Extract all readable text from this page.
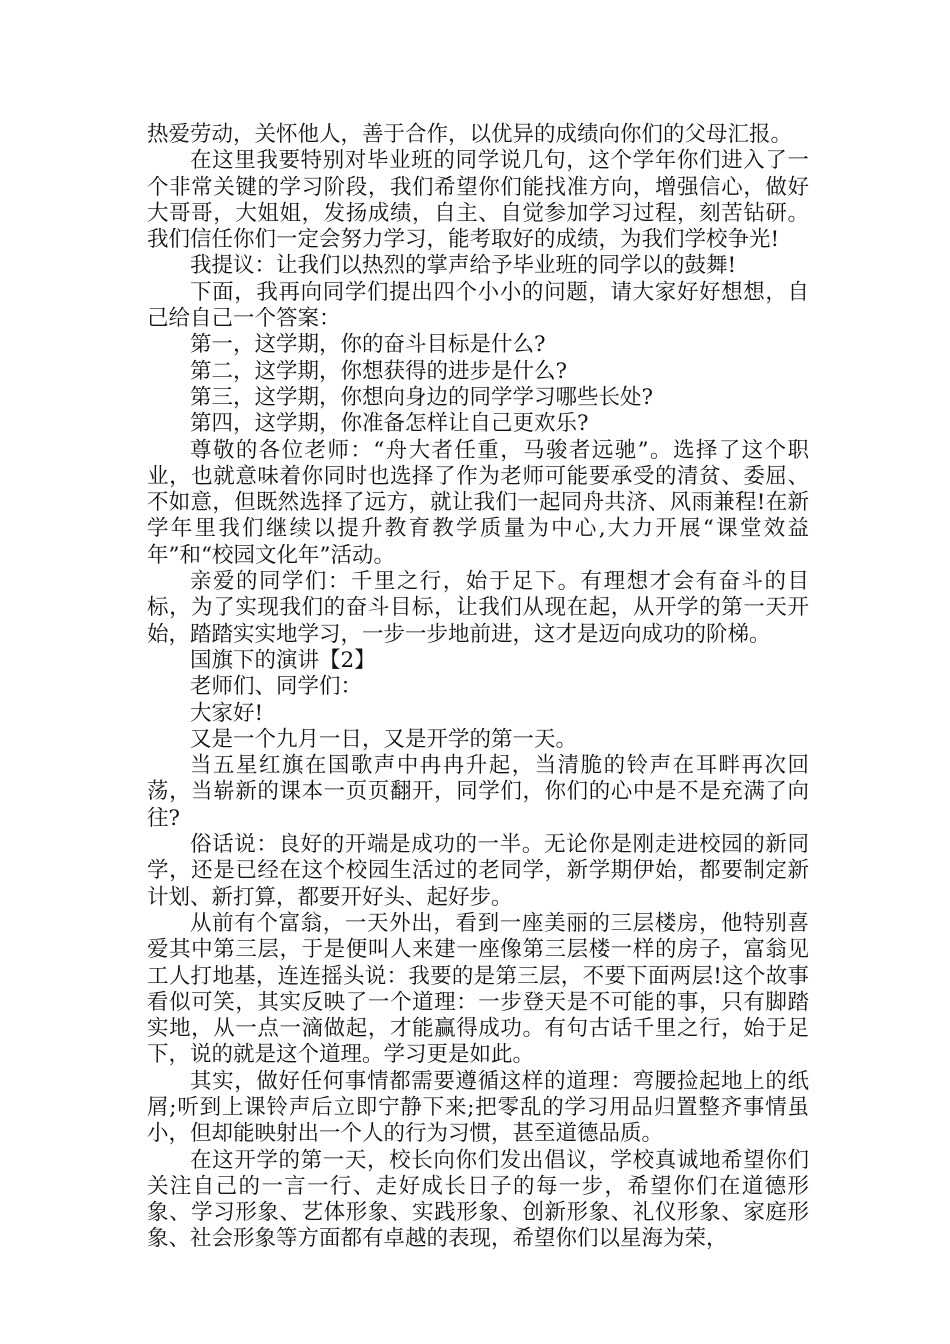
热爱劳动，关怀他人，善于合作，以优异的成绩向你们的父母汇报。

在这里我要特别对毕业班的同学说几句，这个学年你们进入了一个非常关键的学习阶段，我们希望你们能找准方向，增强信心，做好大哥哥，大姐姐，发扬成绩，自主、自觉参加学习过程，刻苦钻研。我们信任你们一定会努力学习，能考取好的成绩，为我们学校争光!

我提议：让我们以热烈的掌声给予毕业班的同学以的鼓舞!

下面，我再向同学们提出四个小小的问题，请大家好好想想，自己给自己一个答案：

第一，这学期，你的奋斗目标是什么?

第二，这学期，你想获得的进步是什么?

第三，这学期，你想向身边的同学学习哪些长处?

第四，这学期，你准备怎样让自己更欢乐?

尊敬的各位老师：“舟大者任重，马骏者远驰”。选择了这个职业，也就意味着你同时也选择了作为老师可能要承受的清贫、委屈、不如意，但既然选择了远方，就让我们一起同舟共济、风雨兼程!在新学年里我们继续以提升教育教学质量为中心,大力开展“课堂效益年”和“校园文化年”活动。

亲爱的同学们：千里之行，始于足下。有理想才会有奋斗的目标，为了实现我们的奋斗目标，让我们从现在起，从开学的第一天开始，踏踏实实地学习，一步一步地前进，这才是迈向成功的阶梯。

国旗下的演讲【2】

老师们、同学们：

大家好!

又是一个九月一日，又是开学的第一天。

当五星红旗在国歌声中冉冉升起，当清脆的铃声在耳畔再次回荡，当崭新的课本一页页翻开，同学们，你们的心中是不是充满了向往?

俗话说：良好的开端是成功的一半。无论你是刚走进校园的新同学，还是已经在这个校园生活过的老同学，新学期伊始，都要制定新计划、新打算，都要开好头、起好步。

从前有个富翁，一天外出，看到一座美丽的三层楼房，他特别喜爱其中第三层，于是便叫人来建一座像第三层楼一样的房子，富翁见工人打地基，连连摇头说：我要的是第三层，不要下面两层!这个故事看似可笑，其实反映了一个道理：一步登天是不可能的事，只有脚踏实地，从一点一滴做起，才能赢得成功。有句古话千里之行，始于足下，说的就是这个道理。学习更是如此。

其实，做好任何事情都需要遵循这样的道理：弯腰捡起地上的纸屑;听到上课铃声后立即宁静下来;把零乱的学习用品归置整齐事情虽小，但却能映射出一个人的行为习惯，甚至道德品质。

在这开学的第一天，校长向你们发出倡议，学校真诚地希望你们关注自己的一言一行、走好成长日子的每一步，希望你们在道德形象、学习形象、艺体形象、实践形象、创新形象、礼仪形象、家庭形象、社会形象等方面都有卓越的表现，希望你们以星海为荣，
